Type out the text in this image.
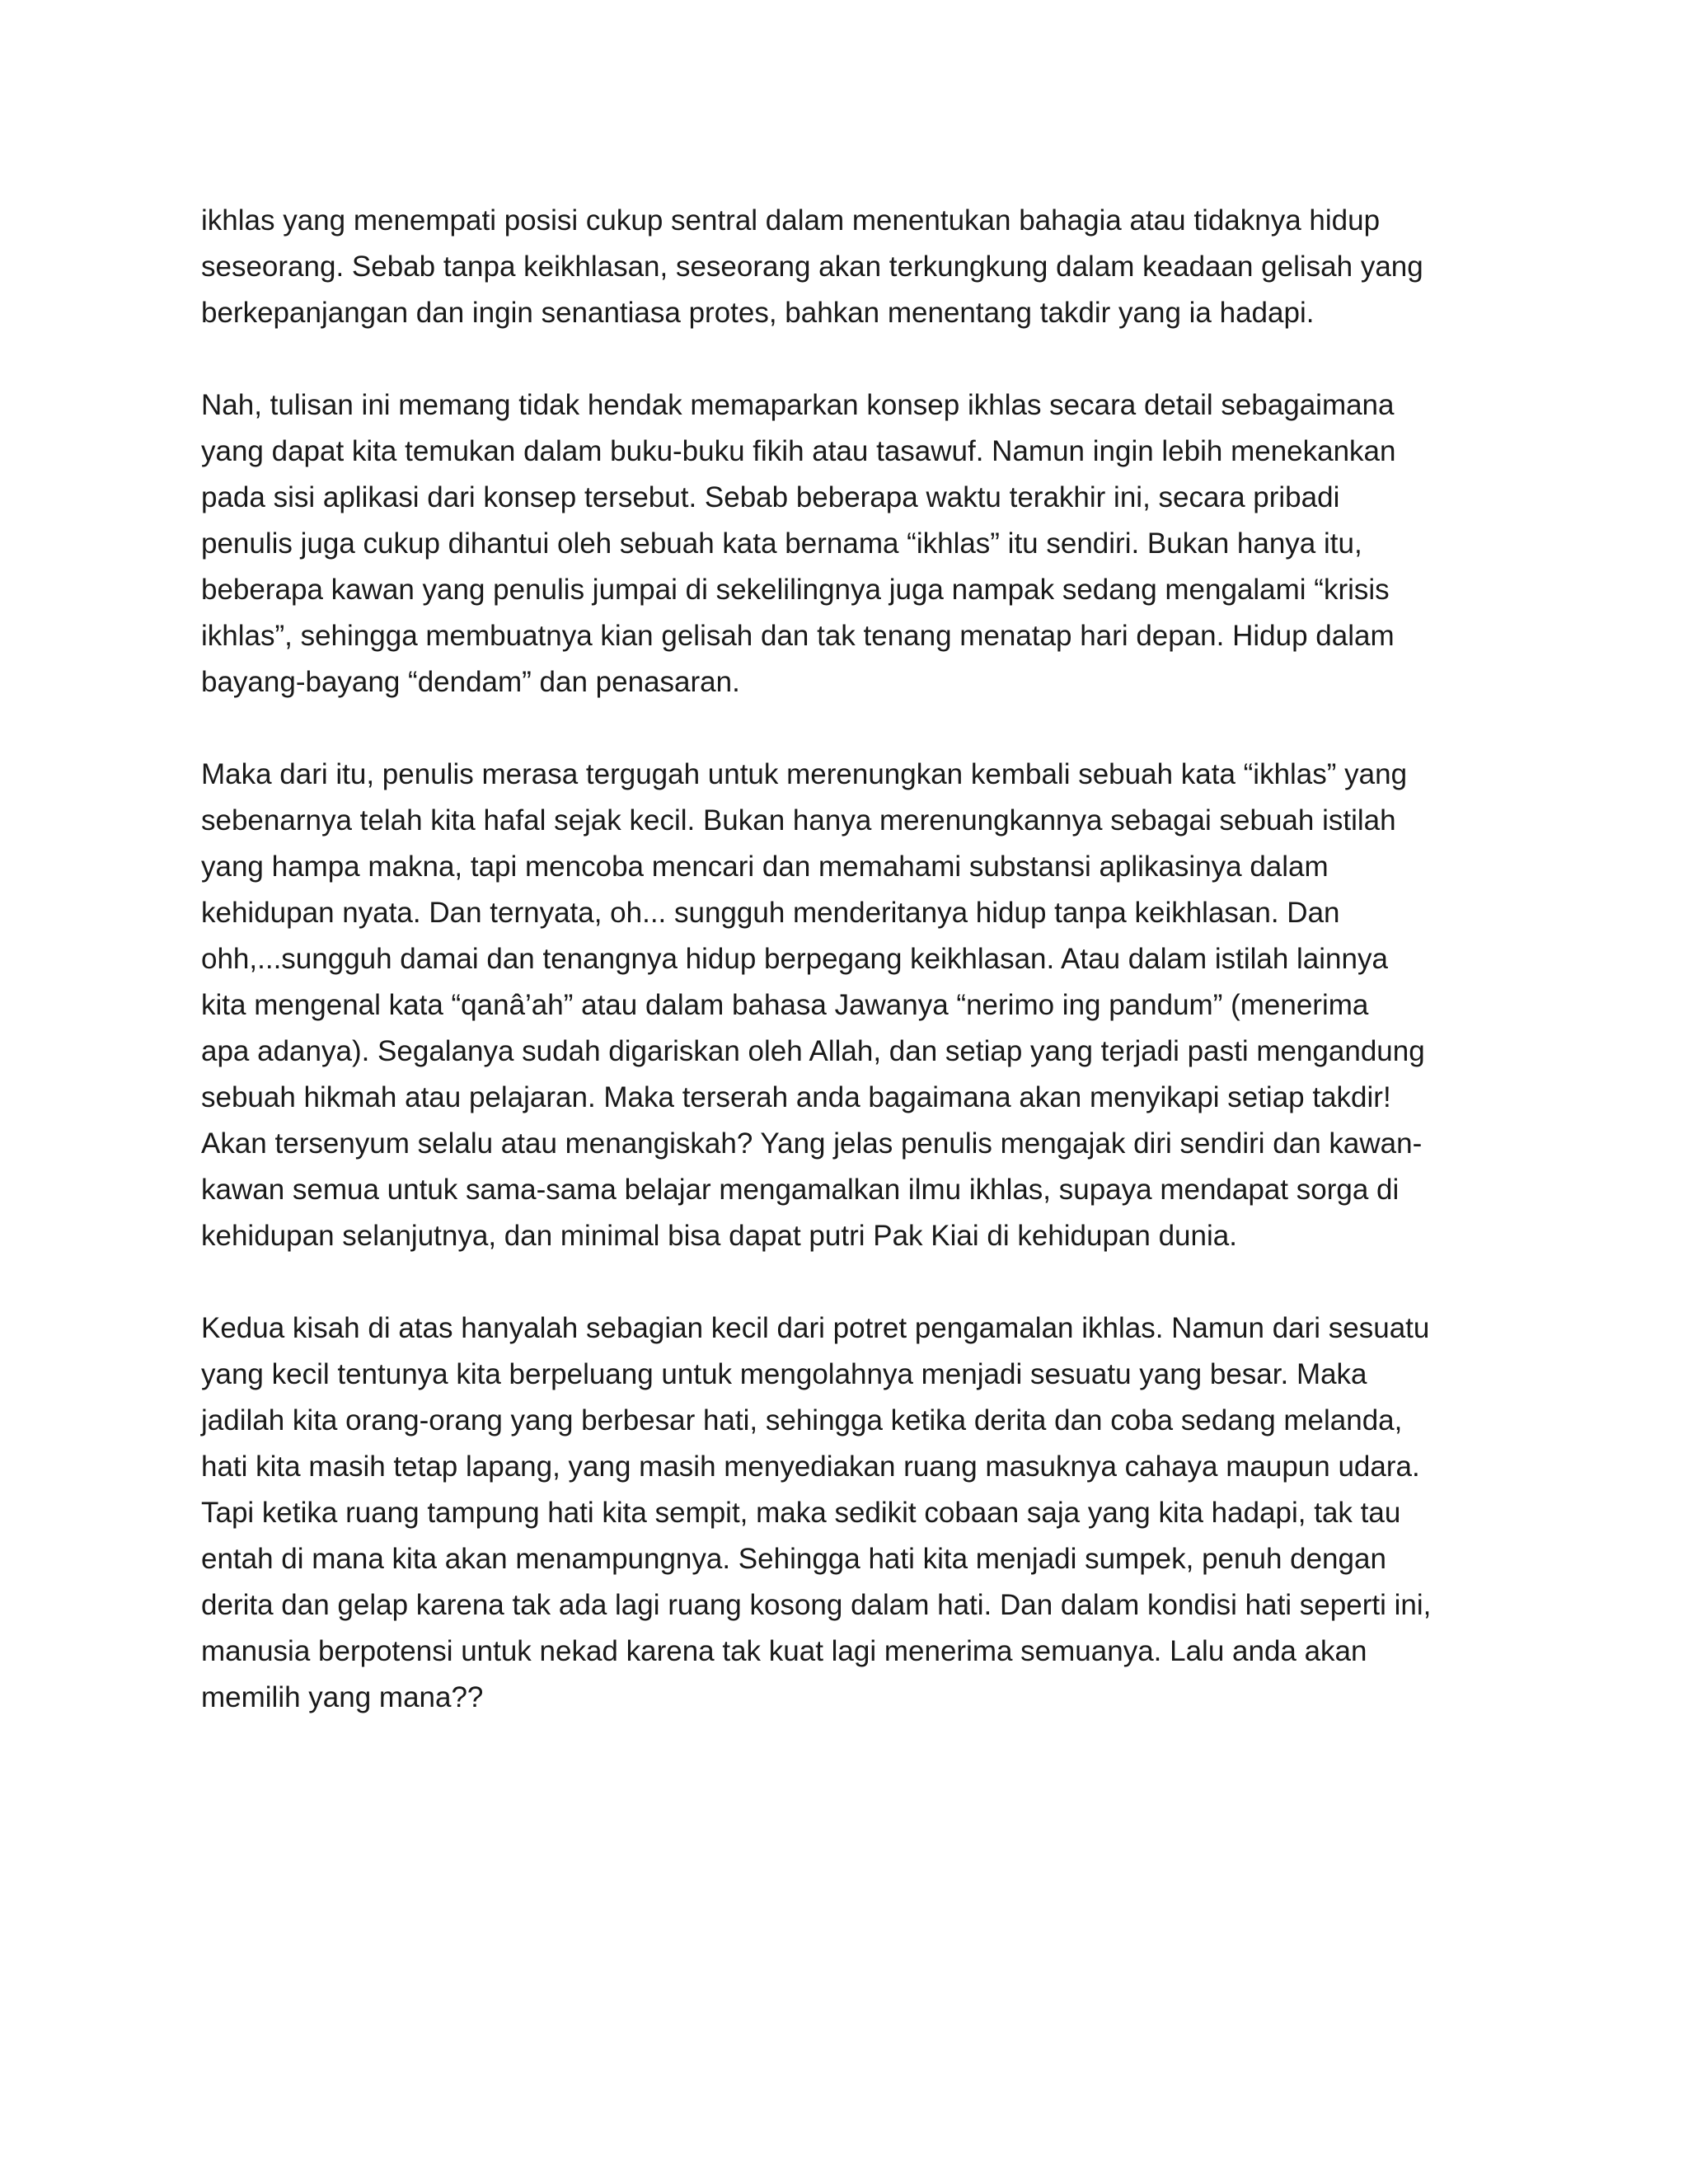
ikhlas yang menempati posisi cukup sentral dalam menentukan bahagia atau tidaknya hidup
seseorang. Sebab tanpa keikhlasan, seseorang akan terkungkung dalam keadaan gelisah yang
berkepanjangan dan ingin senantiasa protes, bahkan menentang takdir yang ia hadapi.
Nah, tulisan ini memang tidak hendak memaparkan konsep ikhlas secara detail sebagaimana
yang dapat kita temukan dalam buku-buku fikih atau tasawuf. Namun ingin lebih menekankan
pada sisi aplikasi dari konsep tersebut. Sebab beberapa waktu terakhir ini, secara pribadi
penulis juga cukup dihantui oleh sebuah kata bernama “ikhlas” itu sendiri. Bukan hanya itu,
beberapa kawan yang penulis jumpai di sekelilingnya juga nampak sedang mengalami “krisis
ikhlas”, sehingga membuatnya kian gelisah dan tak tenang menatap hari depan. Hidup dalam
bayang-bayang “dendam” dan penasaran.
Maka dari itu, penulis merasa tergugah untuk merenungkan kembali sebuah kata “ikhlas” yang
sebenarnya telah kita hafal sejak kecil. Bukan hanya merenungkannya sebagai sebuah istilah
yang hampa makna, tapi mencoba mencari dan memahami substansi aplikasinya dalam
kehidupan nyata. Dan ternyata, oh... sungguh menderitanya hidup tanpa keikhlasan. Dan
ohh,...sungguh damai dan tenangnya hidup berpegang keikhlasan. Atau dalam istilah lainnya
kita mengenal kata “qanâ’ah” atau dalam bahasa Jawanya “nerimo ing pandum” (menerima
apa adanya). Segalanya sudah digariskan oleh Allah, dan setiap yang terjadi pasti mengandung
sebuah hikmah atau pelajaran. Maka terserah anda bagaimana akan menyikapi setiap takdir!
Akan tersenyum selalu atau menangiskah? Yang jelas penulis mengajak diri sendiri dan kawan-
kawan semua untuk sama-sama belajar mengamalkan ilmu ikhlas, supaya mendapat sorga di
kehidupan selanjutnya, dan minimal bisa dapat putri Pak Kiai di kehidupan dunia.
Kedua kisah di atas hanyalah sebagian kecil dari potret pengamalan ikhlas. Namun dari sesuatu
yang kecil tentunya kita berpeluang untuk mengolahnya menjadi sesuatu yang besar. Maka
jadilah kita orang-orang yang berbesar hati, sehingga ketika derita dan coba sedang melanda,
hati kita masih tetap lapang, yang masih menyediakan ruang masuknya cahaya maupun udara.
Tapi ketika ruang tampung hati kita sempit, maka sedikit cobaan saja yang kita hadapi, tak tau
entah di mana kita akan menampungnya. Sehingga hati kita menjadi sumpek, penuh dengan
derita dan gelap karena tak ada lagi ruang kosong dalam hati. Dan dalam kondisi hati seperti ini,
manusia berpotensi untuk nekad karena tak kuat lagi menerima semuanya. Lalu anda akan
memilih yang mana??
